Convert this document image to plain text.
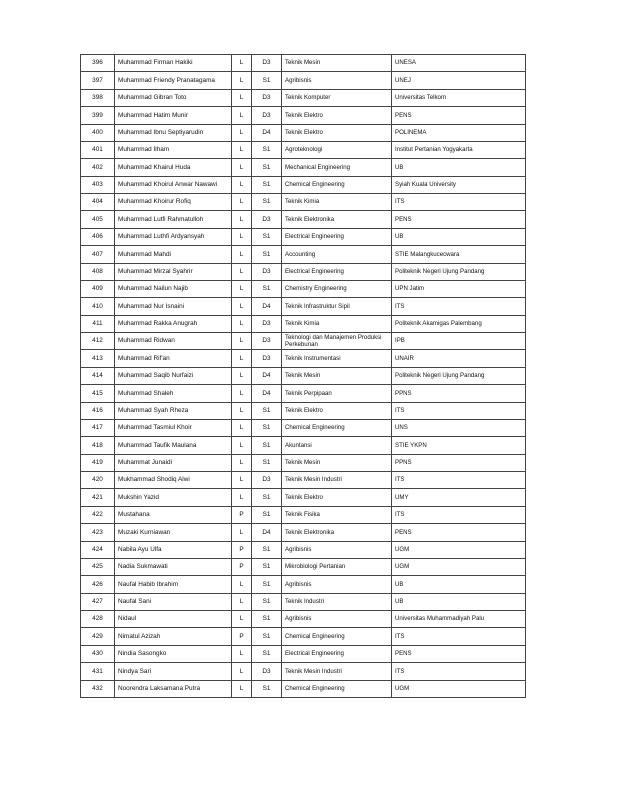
396	Muhammad Firman Hakiki	L	D3	Teknik Mesin	UNESA
397	Muhammad Friendy Pranatagama	L	S1	Agribisnis	UNEJ
398	Muhammad Gibran Toto	L	D3	Teknik Komputer	Universitas Telkom
399	Muhammad Hatim Munir	L	D3	Teknik Elektro	PENS
400	Muhammad Ibnu Septiyarudin	L	D4	Teknik Elektro	POLINEMA
401	Muhammad Ilham	L	S1	Agroteknologi	Institut Pertanian Yogyakarta
402	Muhammad Khairul Huda	L	S1	Mechanical Engineering	UB
403	Muhammad Khoirul Anwar Nawawi	L	S1	Chemical Engineering	Syiah Kuala University
404	Muhammad Khoirur Rofiq	L	S1	Teknik Kimia	ITS
405	Muhammad Lutfi Rahmatulloh	L	D3	Teknik Elektronika	PENS
406	Muhammad Luthfi Ardyansyah	L	S1	Electrical Engineering	UB
407	Muhammad Mahdi	L	S1	Accounting	STIE Malangkucecwara
408	Muhammad Mirzal Syahrir	L	D3	Electrical Engineering	Politeknik Negeri Ujung Pandang
409	Muhammad Nailun Najib	L	S1	Chemistry Engineering	UPN Jatim
410	Muhammad Nur Isnaini	L	D4	Teknik Infrastruktur Sipil	ITS
411	Muhammad Rakka Anugrah	L	D3	Teknik Kimia	Politeknik Akamigas Palembang
412	Muhammad Ridwan	L	D3	Teknologi dan Manajemen Produksi Perkebunan	IPB
413	Muhammad Rif'an	L	D3	Teknik Instrumentasi	UNAIR
414	Muhammad Saqib Nurfaizi	L	D4	Teknik Mesin	Politeknik Negeri Ujung Pandang
415	Muhammad Shaleh	L	D4	Teknik Perpipaan	PPNS
416	Muhammad Syah Rheza	L	S1	Teknik Elektro	ITS
417	Muhammad Tasmiul Khoir	L	S1	Chemical Engineering	UNS
418	Muhammad Taufik Maulana	L	S1	Akuntansi	STIE YKPN
419	Muhammat Junaidi	L	S1	Teknik Mesin	PPNS
420	Mukhammad Shodiq Alwi	L	D3	Teknik Mesin Industri	ITS
421	Mukshin Yazid	L	S1	Teknik Elektro	UMY
422	Mustahana	P	S1	Teknik Fisika	ITS
423	Muzaki Kurniawan	L	D4	Teknik Elektronika	PENS
424	Nabila Ayu Ulfa	P	S1	Agribisnis	UGM
425	Nadia Sukmawati	P	S1	Mikrobiologi Pertanian	UGM
426	Naufal Habib Ibrahim	L	S1	Agribisnis	UB
427	Naufal Sani	L	S1	Teknik Industri	UB
428	Nidaul	L	S1	Agribisnis	Universitas Muhammadiyah Palu
429	Nimatul Azizah	P	S1	Chemical Engineering	ITS
430	Nindia Sasongko	L	S1	Electrical Engineering	PENS
431	Nindya Sari	L	D3	Teknik Mesin Industri	ITS
432	Noorendra Laksamana Putra	L	S1	Chemical Engineering	UGM
